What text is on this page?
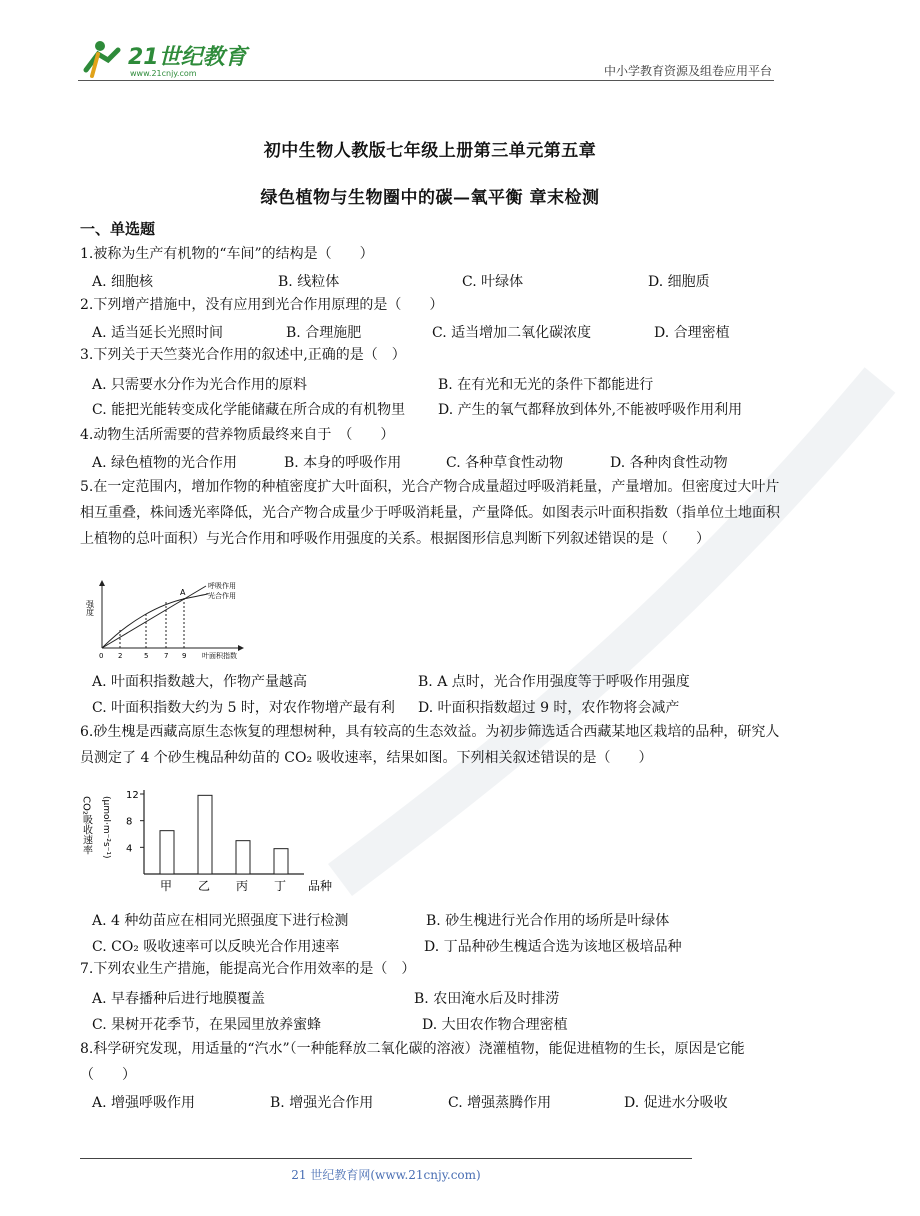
21世纪教育
www.21cnjy.com	中小学教育资源及组卷应用平台
初中生物人教版七年级上册第三单元第五章
绿色植物与生物圈中的碳—氧平衡 章末检测
一、单选题
1.被称为生产有机物的“车间”的结构是（　　）
A. 细胞核	B. 线粒体	C. 叶绿体	D. 细胞质
2.下列增产措施中，没有应用到光合作用原理的是（　　）
A. 适当延长光照时间	B. 合理施肥	C. 适当增加二氧化碳浓度	D. 合理密植
3.下列关于天竺葵光合作用的叙述中,正确的是（　）
A. 只需要水分作为光合作用的原料	B. 在有光和无光的条件下都能进行
C. 能把光能转变成化学能储藏在所合成的有机物里 D. 产生的氧气都释放到体外,不能被呼吸作用利用
4.动物生活所需要的营养物质最终来自于　（　　）
A. 绿色植物的光合作用	B. 本身的呼吸作用	C. 各种草食性动物	D. 各种肉食性动物
5.在一定范围内，增加作物的种植密度扩大叶面积，光合产物合成量超过呼吸消耗量，产量增加。但密度过大叶片相互重叠，株间透光率降低，光合产物合成量少于呼吸消耗量，产量降低。如图表示叶面积指数（指单位土地面积上植物的总叶面积）与光合作用和呼吸作用强度的关系。根据图形信息判断下列叙述错误的是（　　）
强度
A
呼吸作用
光合作用
0 2	5 7 9 叶面积指数
A. 叶面积指数越大，作物产量越高	B. A 点时，光合作用强度等于呼吸作用强度
C. 叶面积指数大约为 5 时，对农作物增产最有利 D. 叶面积指数超过 9 时，农作物将会减产
6.砂生槐是西藏高原生态恢复的理想树种，具有较高的生态效益。为初步筛选适合西藏某地区栽培的品种，研究人员测定了 4 个砂生槐品种幼苗的 CO₂ 吸收速率，结果如图。下列相关叙述错误的是（　　）
CO₂吸收速率 (μmol·m⁻²s⁻¹)
12
8
4
甲 乙 丙 丁 品种
A. 4 种幼苗应在相同光照强度下进行检测	B. 砂生槐进行光合作用的场所是叶绿体
C. CO₂ 吸收速率可以反映光合作用速率	D. 丁品种砂生槐适合选为该地区极培品种
7.下列农业生产措施，能提高光合作用效率的是（　）
A. 早春播种后进行地膜覆盖	B. 农田淹水后及时排涝
C. 果树开花季节，在果园里放养蜜蜂	D. 大田农作物合理密植
8.科学研究发现，用适量的“汽水”（一种能释放二氧化碳的溶液）浇灌植物，能促进植物的生长，原因是它能（　　）
A. 增强呼吸作用	B. 增强光合作用	C. 增强蒸腾作用	D. 促进水分吸收
21 世纪教育网(www.21cnjy.com)
